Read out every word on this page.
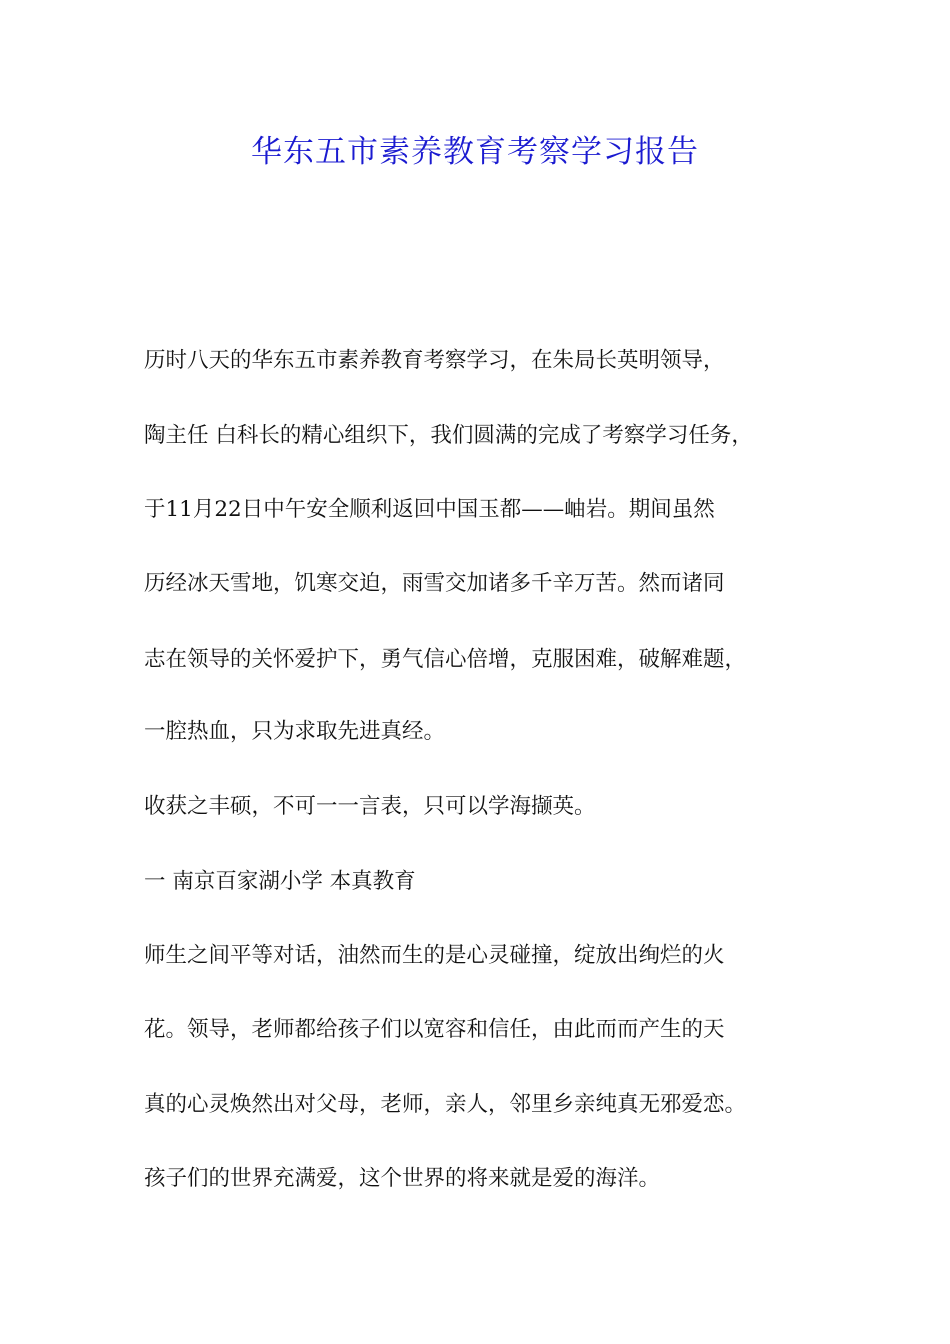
华东五市素养教育考察学习报告

历时八天的华东五市素养教育考察学习，在朱局长英明领导，

陶主任 白科长的精心组织下，我们圆满的完成了考察学习任务，

于11月22日中午安全顺利返回中国玉都——岫岩。期间虽然

历经冰天雪地，饥寒交迫，雨雪交加诸多千辛万苦。然而诸同

志在领导的关怀爱护下，勇气信心倍增，克服困难，破解难题，

一腔热血，只为求取先进真经。

收获之丰硕，不可一一言表，只可以学海撷英。

一 南京百家湖小学 本真教育

师生之间平等对话，油然而生的是心灵碰撞，绽放出绚烂的火

花。领导，老师都给孩子们以宽容和信任，由此而而产生的天

真的心灵焕然出对父母，老师，亲人，邻里乡亲纯真无邪爱恋。

孩子们的世界充满爱，这个世界的将来就是爱的海洋。
